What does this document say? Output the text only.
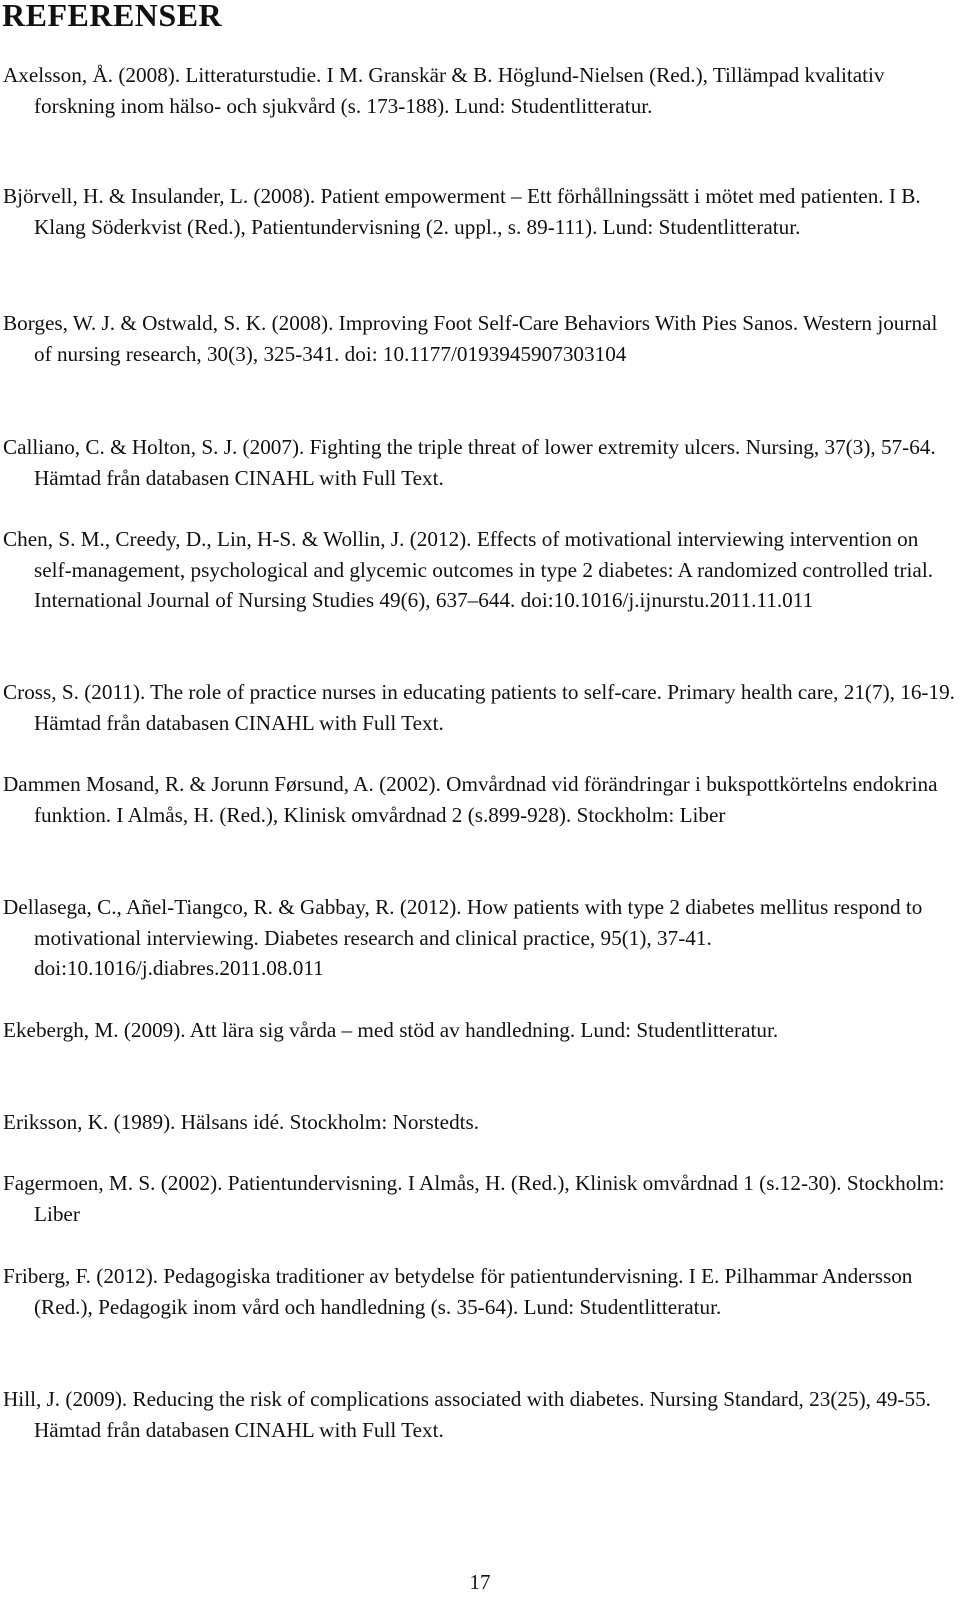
REFERENSER

Axelsson, Å. (2008). Litteraturstudie. I M. Granskär & B. Höglund-Nielsen (Red.), Tillämpad kvalitativ forskning inom hälso- och sjukvård (s. 173-188). Lund: Studentlitteratur.

Björvell, H. & Insulander, L. (2008). Patient empowerment – Ett förhållningssätt i mötet med patienten. I B. Klang Söderkvist (Red.), Patientundervisning (2. uppl., s. 89-111). Lund: Studentlitteratur.

Borges, W. J. & Ostwald, S. K. (2008). Improving Foot Self-Care Behaviors With Pies Sanos. Western journal of nursing research, 30(3), 325-341. doi: 10.1177/0193945907303104

Calliano, C. & Holton, S. J. (2007). Fighting the triple threat of lower extremity ulcers. Nursing, 37(3), 57-64. Hämtad från databasen CINAHL with Full Text.

Chen, S. M., Creedy, D., Lin, H-S. & Wollin, J. (2012). Effects of motivational interviewing intervention on self-management, psychological and glycemic outcomes in type 2 diabetes: A randomized controlled trial. International Journal of Nursing Studies 49(6), 637–644. doi:10.1016/j.ijnurstu.2011.11.011

Cross, S. (2011). The role of practice nurses in educating patients to self-care. Primary health care, 21(7), 16-19. Hämtad från databasen CINAHL with Full Text.

Dammen Mosand, R. & Jorunn Førsund, A. (2002). Omvårdnad vid förändringar i bukspottkörtelns endokrina funktion. I Almås, H. (Red.), Klinisk omvårdnad 2 (s.899-928). Stockholm: Liber

Dellasega, C., Añel-Tiangco, R. & Gabbay, R. (2012). How patients with type 2 diabetes mellitus respond to motivational interviewing. Diabetes research and clinical practice, 95(1), 37-41. doi:10.1016/j.diabres.2011.08.011

Ekebergh, M. (2009). Att lära sig vårda – med stöd av handledning. Lund: Studentlitteratur.

Eriksson, K. (1989). Hälsans idé. Stockholm: Norstedts.

Fagermoen, M. S. (2002). Patientundervisning. I Almås, H. (Red.), Klinisk omvårdnad 1 (s.12-30). Stockholm: Liber

Friberg, F. (2012). Pedagogiska traditioner av betydelse för patientundervisning. I E. Pilhammar Andersson (Red.), Pedagogik inom vård och handledning (s. 35-64). Lund: Studentlitteratur.

Hill, J. (2009). Reducing the risk of complications associated with diabetes. Nursing Standard, 23(25), 49-55. Hämtad från databasen CINAHL with Full Text.

17
